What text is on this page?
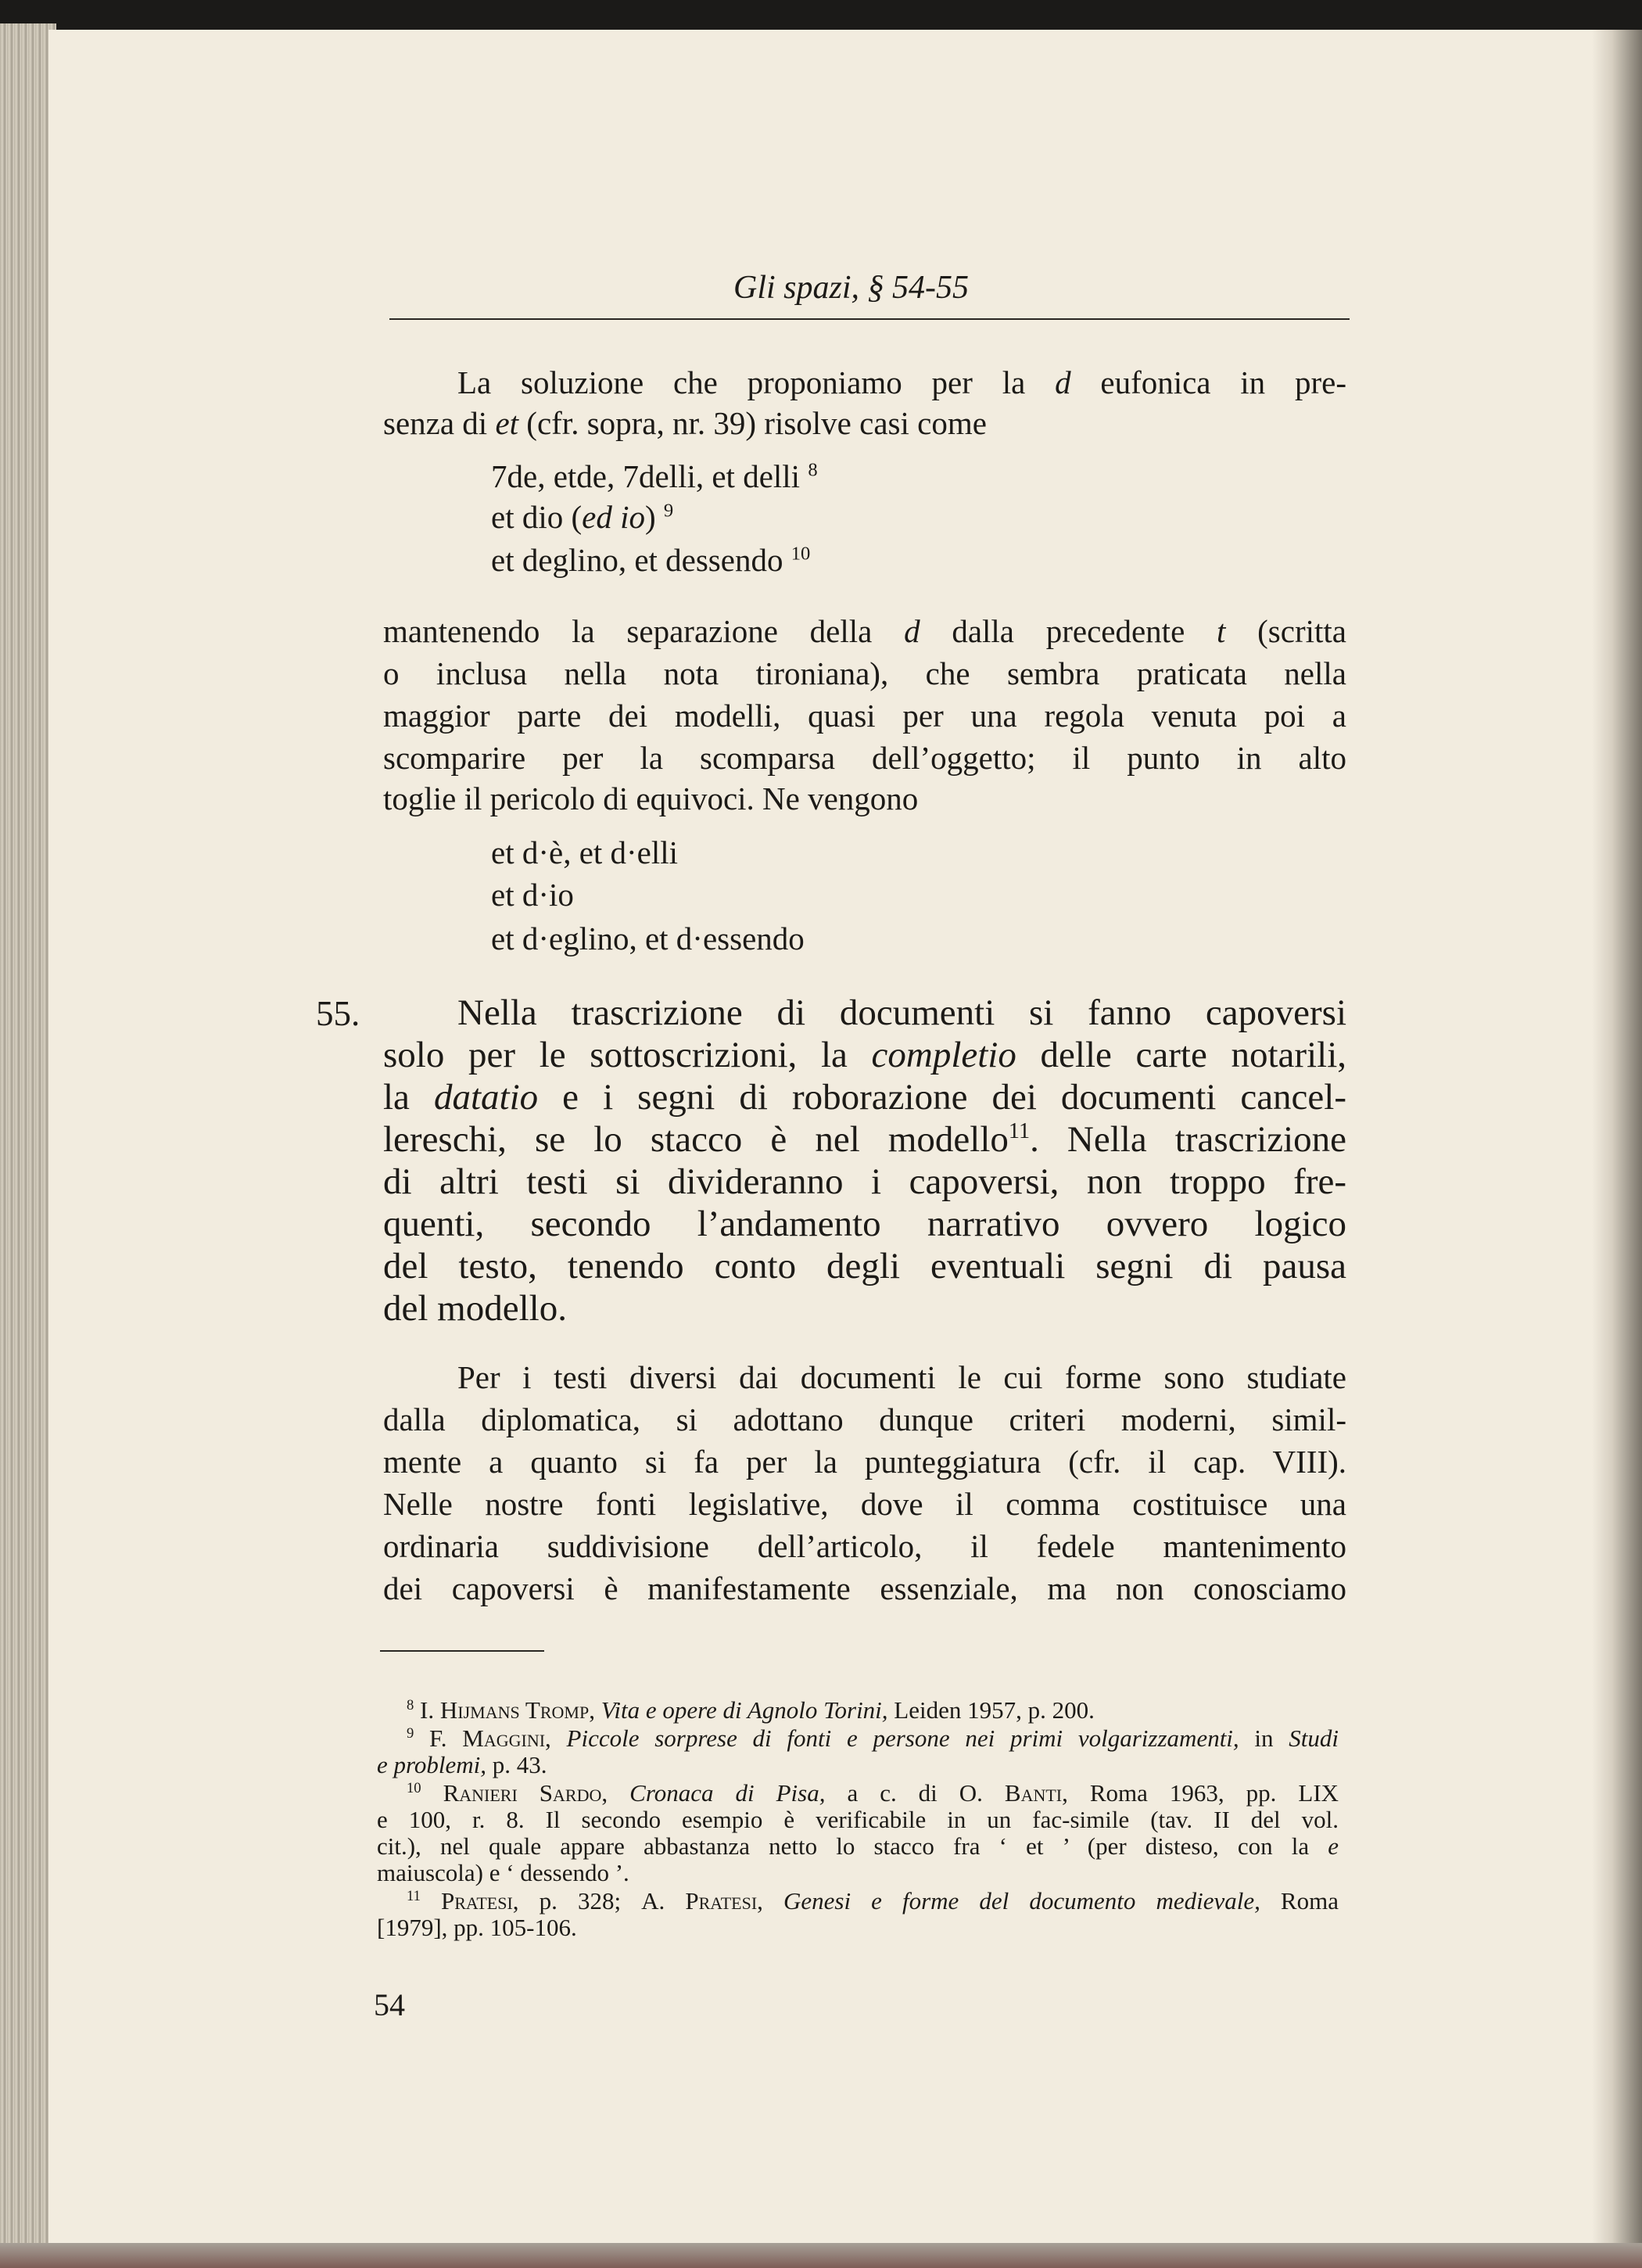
Gli spazi, § 54-55
La soluzione che proponiamo per la d eufonica in pre-
senza di et (cfr. sopra, nr. 39) risolve casi come
7de, etde, 7delli, et delli $^8$
et dio (ed io) $^9$
et deglino, et dessendo $^{10}$
mantenendo la separazione della d dalla precedente t (scritta
o inclusa nella nota tironiana), che sembra praticata nella
maggior parte dei modelli, quasi per una regola venuta poi a
scomparire per la scomparsa dell’oggetto; il punto in alto
toglie il pericolo di equivoci. Ne vengono
et d·è, et d·elli
et d·io
et d·eglino, et d·essendo
55.	Nella trascrizione di documenti si fanno capoversi
solo per le sottoscrizioni, la completio delle carte notarili,
la datatio e i segni di roborazione dei documenti cancel-
lereschi, se lo stacco è nel modello$^{11}$. Nella trascrizione
di altri testi si divideranno i capoversi, non troppo fre-
quenti, secondo l’andamento narrativo ovvero logico
del testo, tenendo conto degli eventuali segni di pausa
del modello.
Per i testi diversi dai documenti le cui forme sono studiate
dalla diplomatica, si adottano dunque criteri moderni, simil-
mente a quanto si fa per la punteggiatura (cfr. il cap. VIII).
Nelle nostre fonti legislative, dove il comma costituisce una
ordinaria suddivisione dell’articolo, il fedele mantenimento
dei capoversi è manifestamente essenziale, ma non conosciamo
$^8$ I. Hijmans Tromp, Vita e opere di Agnolo Torini, Leiden 1957, p. 200.
$^9$ F. Maggini, Piccole sorprese di fonti e persone nei primi volgarizzamenti, in Studi
e problemi, p. 43.
$^{10}$ Ranieri Sardo, Cronaca di Pisa, a c. di O. Banti, Roma 1963, pp. LIX
e 100, r. 8. Il secondo esempio è verificabile in un fac-simile (tav. II del vol.
cit.), nel quale appare abbastanza netto lo stacco fra ‘ et ’ (per disteso, con la e
maiuscola) e ‘ dessendo ’.
$^{11}$ Pratesi, p. 328; A. Pratesi, Genesi e forme del documento medievale, Roma
[1979], pp. 105-106.
54
